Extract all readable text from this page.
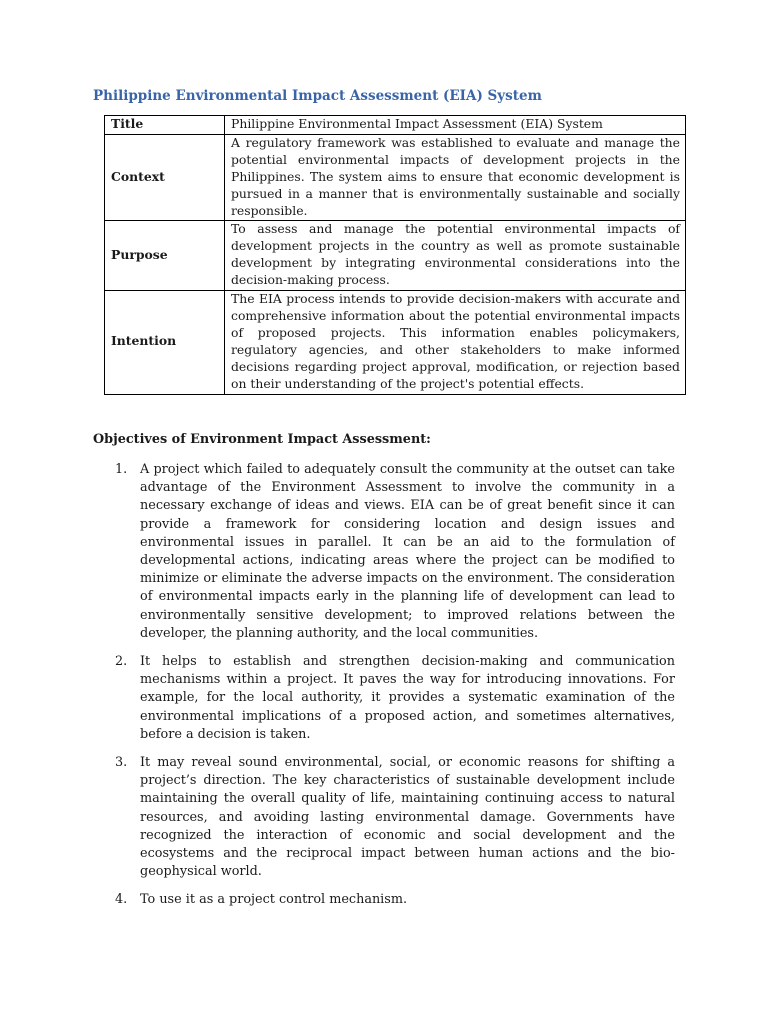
Philippine Environmental Impact Assessment (EIA) System
Title	Philippine Environmental Impact Assessment (EIA) System
Context	A regulatory framework was established to evaluate and manage the potential environmental impacts of development projects in the Philippines. The system aims to ensure that economic development is pursued in a manner that is environmentally sustainable and socially responsible.
Purpose	To assess and manage the potential environmental impacts of development projects in the country as well as promote sustainable development by integrating environmental considerations into the decision-making process.
Intention	The EIA process intends to provide decision-makers with accurate and comprehensive information about the potential environmental impacts of proposed projects. This information enables policymakers, regulatory agencies, and other stakeholders to make informed decisions regarding project approval, modification, or rejection based on their understanding of the project's potential effects.
Objectives of Environment Impact Assessment:
1. A project which failed to adequately consult the community at the outset can take advantage of the Environment Assessment to involve the community in a necessary exchange of ideas and views. EIA can be of great benefit since it can provide a framework for considering location and design issues and environmental issues in parallel. It can be an aid to the formulation of developmental actions, indicating areas where the project can be modified to minimize or eliminate the adverse impacts on the environment. The consideration of environmental impacts early in the planning life of development can lead to environmentally sensitive development; to improved relations between the developer, the planning authority, and the local communities.
2. It helps to establish and strengthen decision-making and communication mechanisms within a project. It paves the way for introducing innovations. For example, for the local authority, it provides a systematic examination of the environmental implications of a proposed action, and sometimes alternatives, before a decision is taken.
3. It may reveal sound environmental, social, or economic reasons for shifting a project’s direction. The key characteristics of sustainable development include maintaining the overall quality of life, maintaining continuing access to natural resources, and avoiding lasting environmental damage. Governments have recognized the interaction of economic and social development and the ecosystems and the reciprocal impact between human actions and the bio-geophysical world.
4. To use it as a project control mechanism.
